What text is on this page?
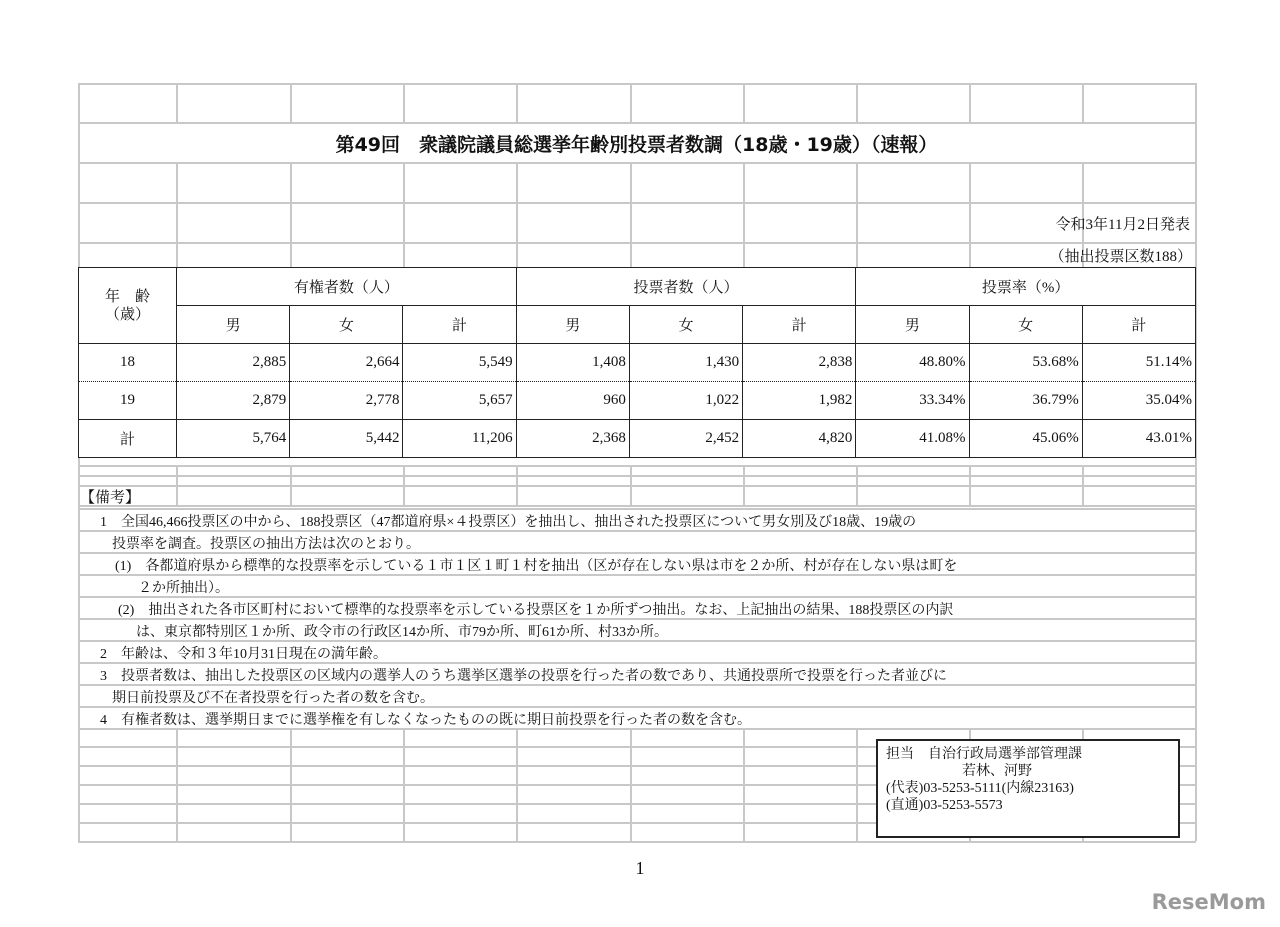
第49回　衆議院議員総選挙年齢別投票者数調（18歳・19歳）（速報）
令和3年11月2日発表
（抽出投票区数188）
年　齢
（歳）	有権者数（人）			投票者数（人）			投票率（%）		
	男	女	計	男	女	計	男	女	計
18	2,885	2,664	5,549	1,408	1,430	2,838	48.80%	53.68%	51.14%
19	2,879	2,778	5,657	960	1,022	1,982	33.34%	36.79%	35.04%
計	5,764	5,442	11,206	2,368	2,452	4,820	41.08%	45.06%	43.01%
【備考】
1　全国46,466投票区の中から、188投票区（47都道府県×４投票区）を抽出し、抽出された投票区について男女別及び18歳、19歳の
投票率を調査。投票区の抽出方法は次のとおり。
(1)　各都道府県から標準的な投票率を示している１市１区１町１村を抽出（区が存在しない県は市を２か所、村が存在しない県は町を
２か所抽出）。
(2)　抽出された各市区町村において標準的な投票率を示している投票区を１か所ずつ抽出。なお、上記抽出の結果、188投票区の内訳
は、東京都特別区１か所、政令市の行政区14か所、市79か所、町61か所、村33か所。
2　年齢は、令和３年10月31日現在の満年齢。
3　投票者数は、抽出した投票区の区域内の選挙人のうち選挙区選挙の投票を行った者の数であり、共通投票所で投票を行った者並びに
期日前投票及び不在者投票を行った者の数を含む。
4　有権者数は、選挙期日までに選挙権を有しなくなったものの既に期日前投票を行った者の数を含む。
担当　自治行政局選挙部管理課
若林、河野
(代表)03-5253-5111(内線23163)
(直通)03-5253-5573
1
ReseMom
